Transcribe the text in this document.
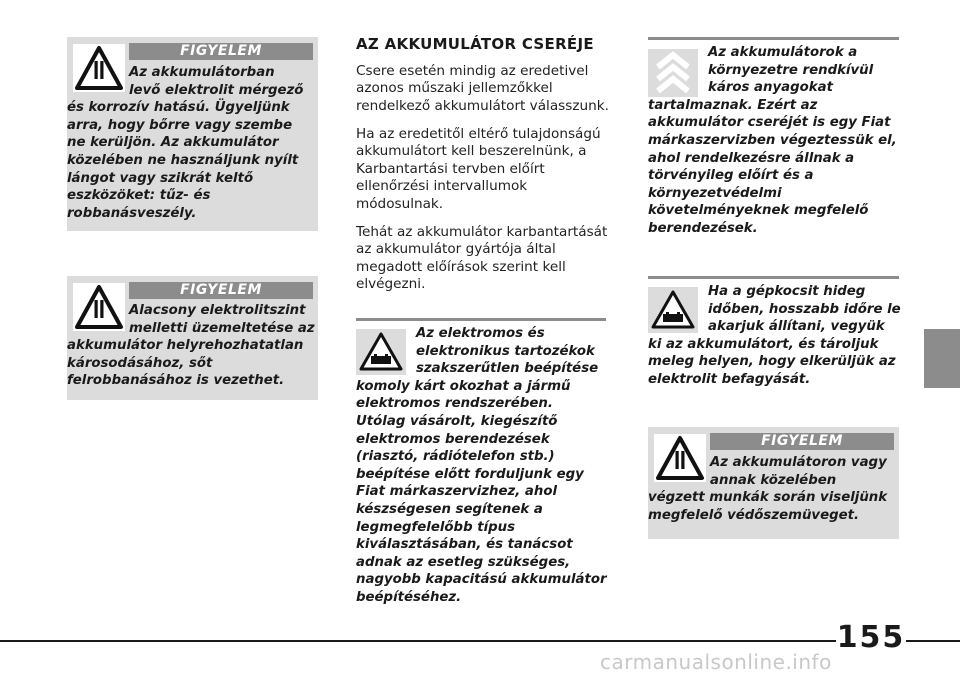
FIGYELEM

Az akkumulátorban
levő elektrolit mérgező
és korrozív hatású. Ügyeljünk
arra, hogy bőrre vagy szembe
ne kerüljön. Az akkumulátor
közelében ne használjunk nyílt
lángot vagy szikrát keltő
eszközöket: tűz- és
robbanásveszély.

FIGYELEM

Alacsony elektrolitszint
melletti üzemeltetése az
akkumulátor helyrehozhatatlan
károsodásához, sőt
felrobbanásához is vezethet.

AZ AKKUMULÁTOR CSERÉJE

Csere esetén mindig az eredetivel
azonos műszaki jellemzőkkel
rendelkező akkumulátort válasszunk.

Ha az eredetitől eltérő tulajdonságú
akkumulátort kell beszerelnünk, a
Karbantartási tervben előírt
ellenőrzési intervallumok
módosulnak.

Tehát az akkumulátor karbantartását
az akkumulátor gyártója által
megadott előírások szerint kell
elvégezni.

Az elektromos és
elektronikus tartozékok
szakszerűtlen beépítése
komoly kárt okozhat a jármű
elektromos rendszerében.
Utólag vásárolt, kiegészítő
elektromos berendezések
(riasztó, rádiótelefon stb.)
beépítése előtt forduljunk egy
Fiat márkaszervizhez, ahol
készségesen segítenek a
legmegfelelőbb típus
kiválasztásában, és tanácsot
adnak az esetleg szükséges,
nagyobb kapacitású akkumulátor
beépítéséhez.

Az akkumulátorok a
környezetre rendkívül
káros anyagokat
tartalmaznak. Ezért az
akkumulátor cseréjét is egy Fiat
márkaszervizben végeztessük el,
ahol rendelkezésre állnak a
törvényileg előírt és a
környezetvédelmi
követelményeknek megfelelő
berendezések.

Ha a gépkocsit hideg
időben, hosszabb időre le
akarjuk állítani, vegyük
ki az akkumulátort, és tároljuk
meleg helyen, hogy elkerüljük az
elektrolit befagyását.

FIGYELEM

Az akkumulátoron vagy
annak közelében
végzett munkák során viseljünk
megfelelő védőszemüveget.

155
carmanualsonline.info
